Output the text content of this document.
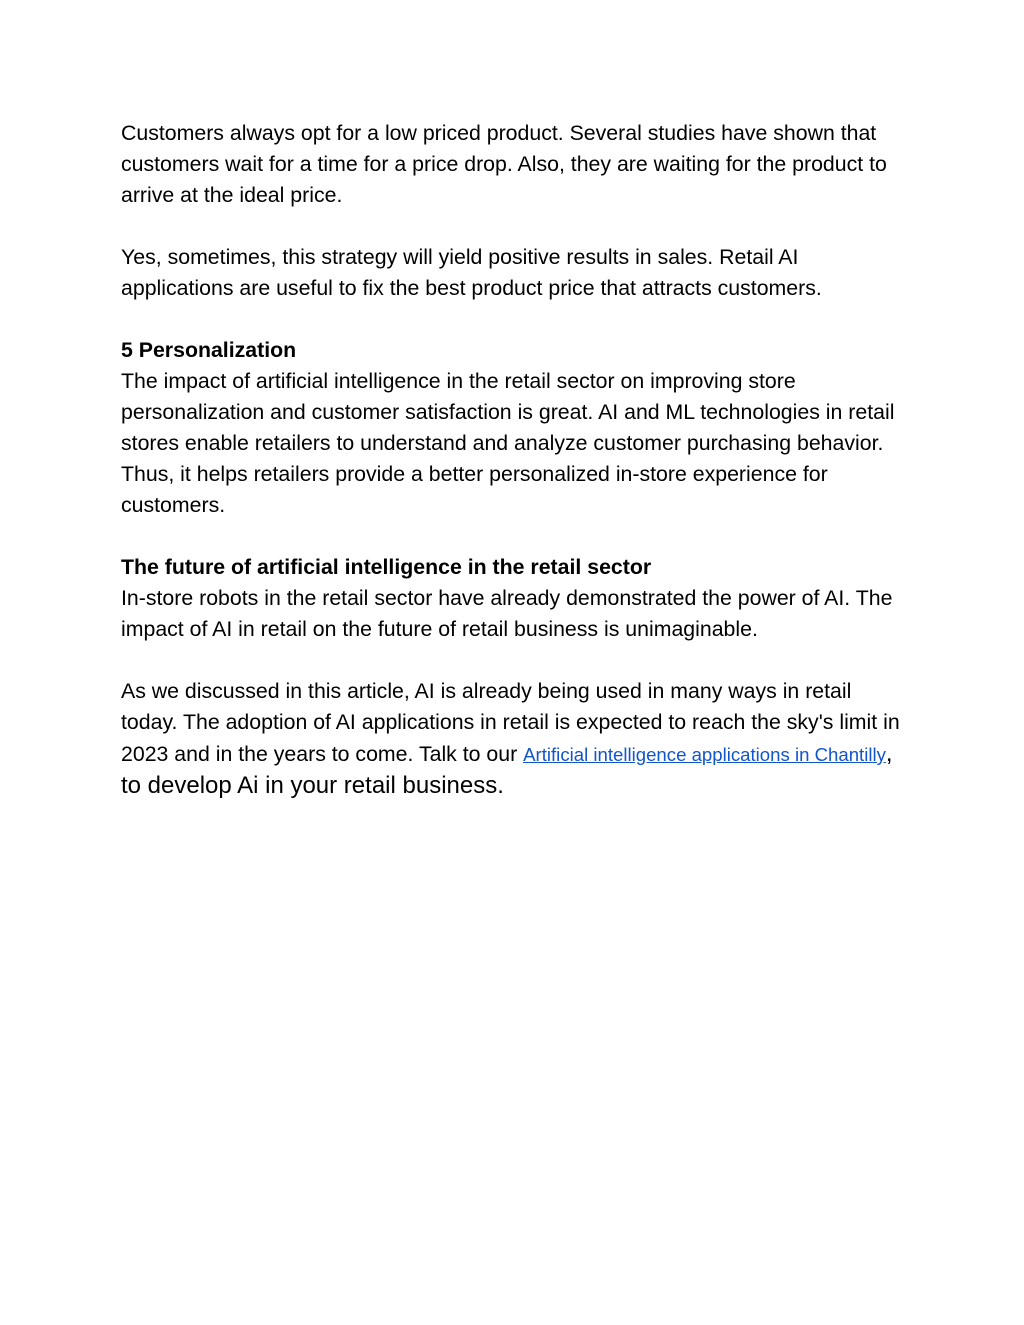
Customers always opt for a low priced product. Several studies have shown that customers wait for a time for a price drop. Also, they are waiting for the product to arrive at the ideal price.

Yes, sometimes, this strategy will yield positive results in sales. Retail AI applications are useful to fix the best product price that attracts customers.

5 Personalization
The impact of artificial intelligence in the retail sector on improving store personalization and customer satisfaction is great. AI and ML technologies in retail stores enable retailers to understand and analyze customer purchasing behavior. Thus, it helps retailers provide a better personalized in-store experience for customers.
The future of artificial intelligence in the retail sector
In-store robots in the retail sector have already demonstrated the power of AI. The impact of AI in retail on the future of retail business is unimaginable.

As we discussed in this article, AI is already being used in many ways in retail today. The adoption of AI applications in retail is expected to reach the sky's limit in 2023 and in the years to come. Talk to our Artificial intelligence applications in Chantilly, to develop Ai in your retail business.
